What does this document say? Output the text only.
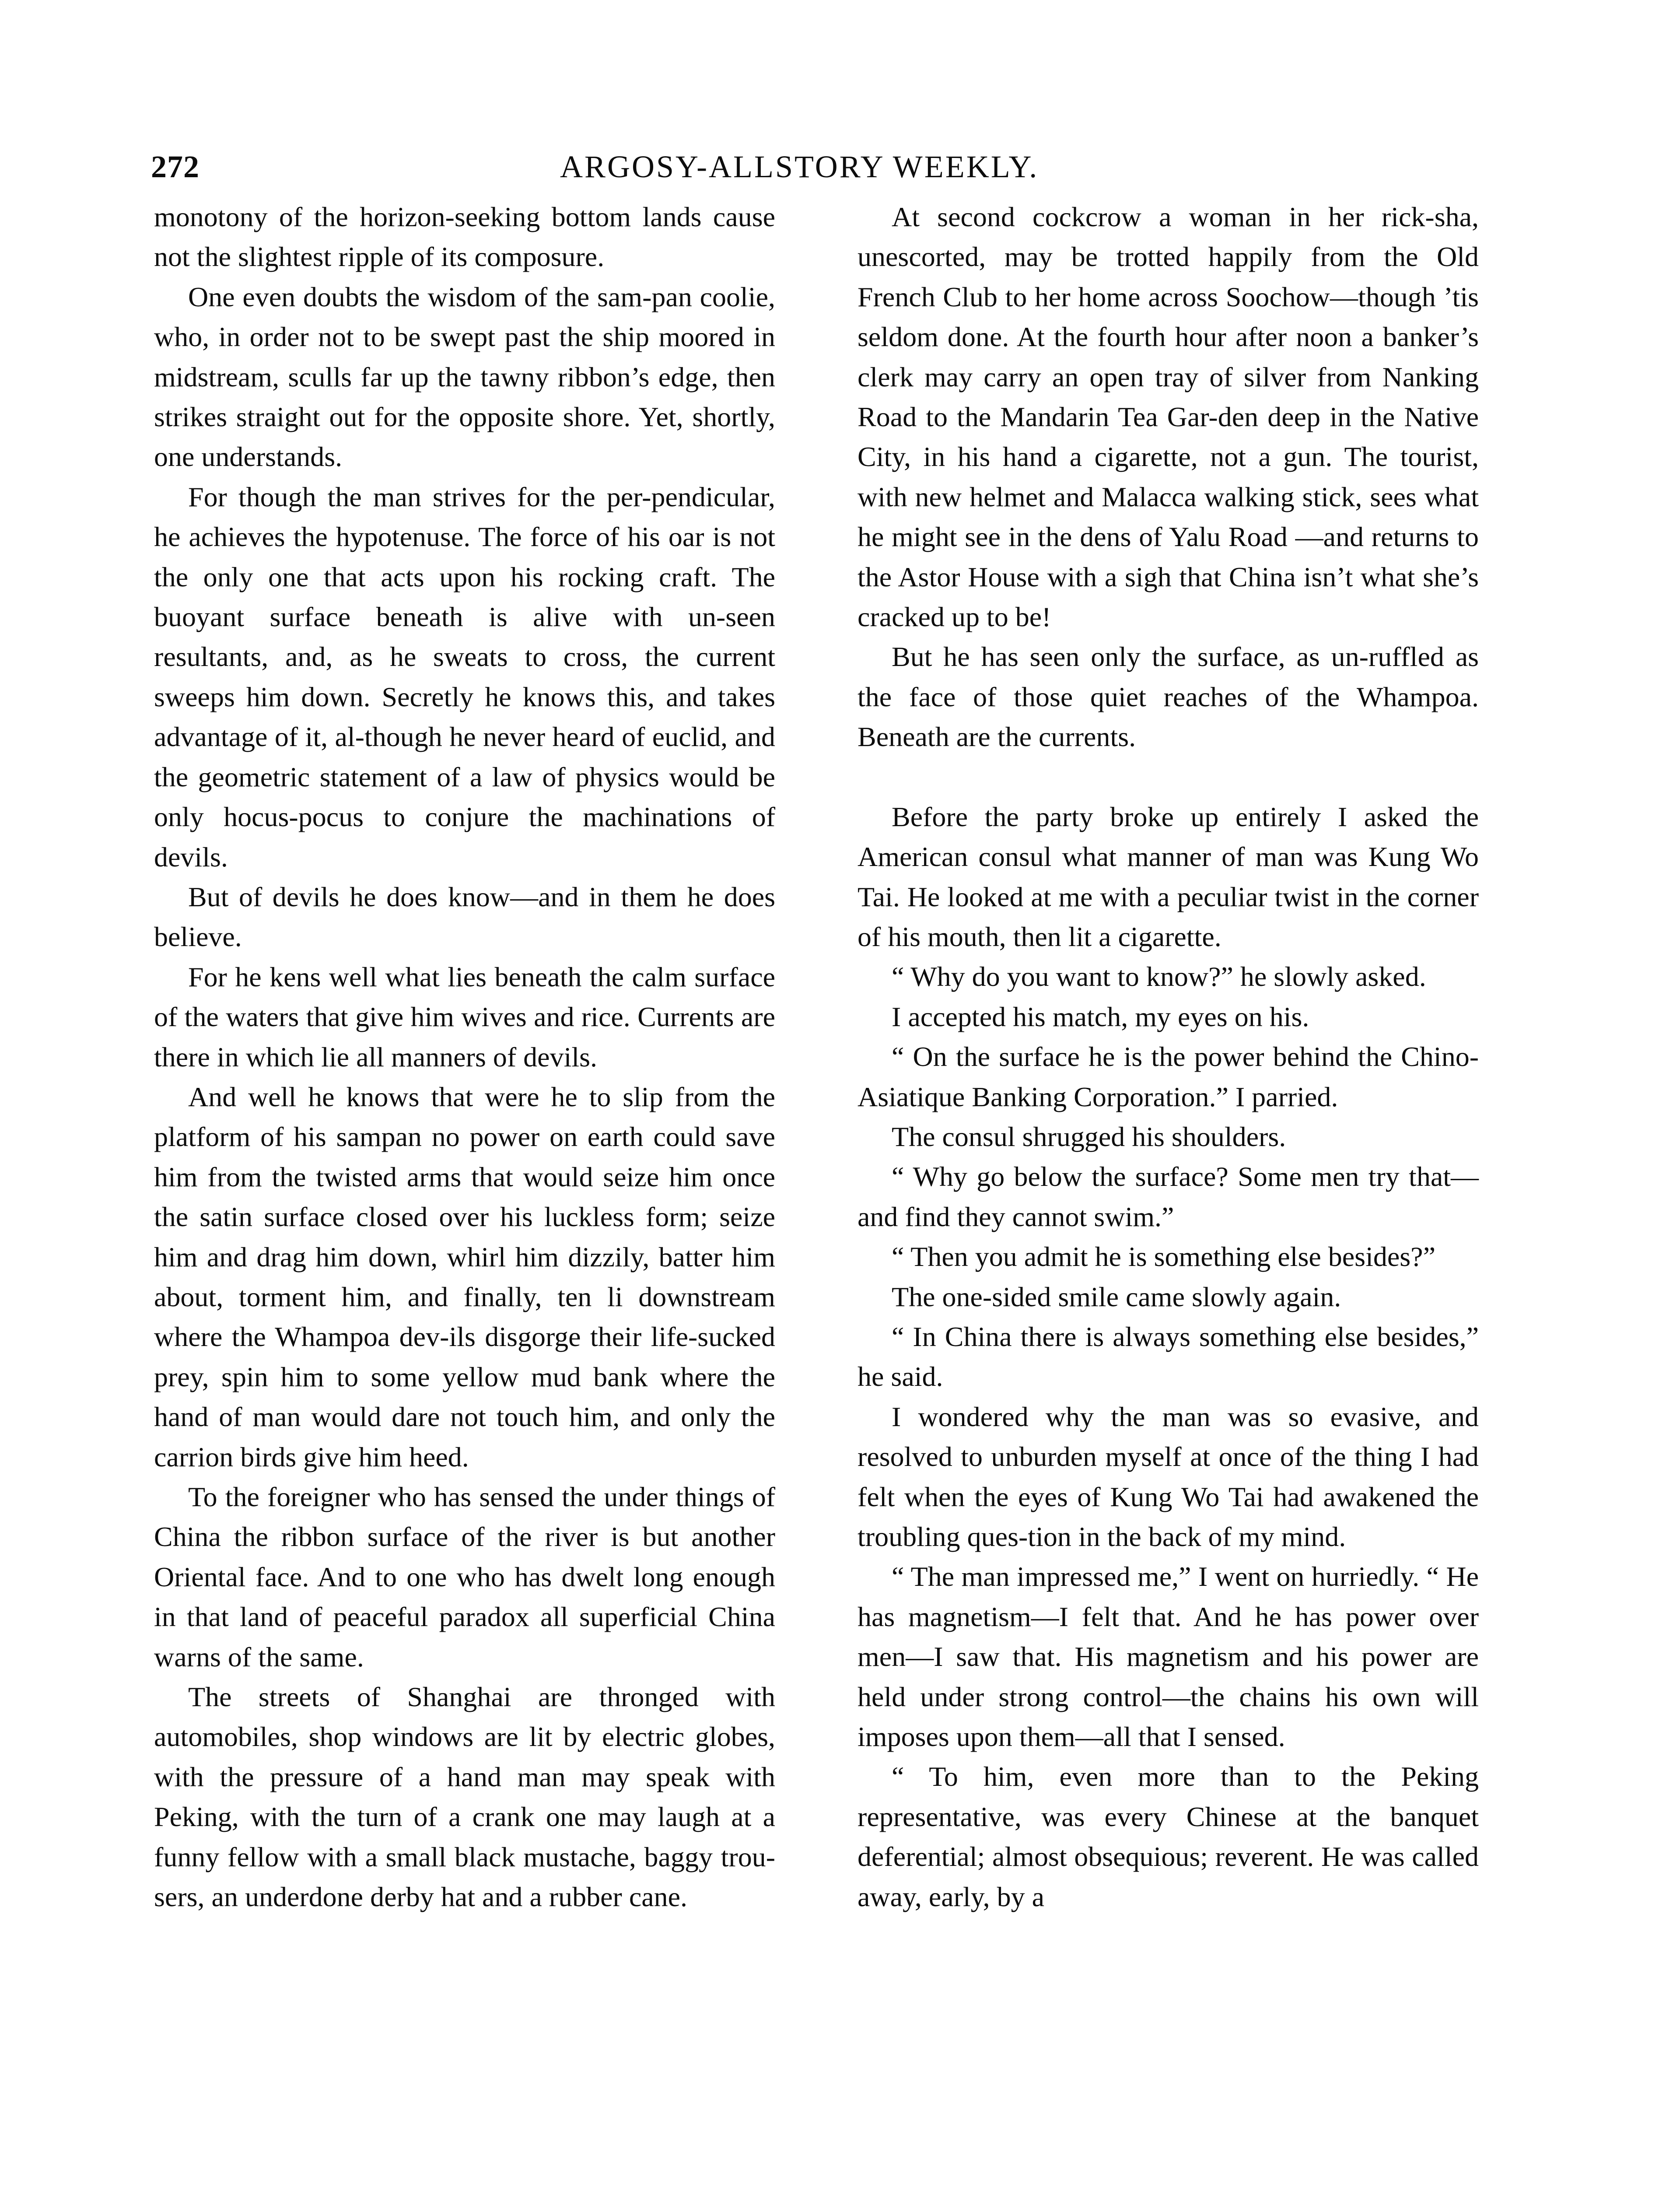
272	ARGOSY-ALLSTORY WEEKLY.

monotony of the horizon-seeking bottom lands cause not the slightest ripple of its composure.

One even doubts the wisdom of the sam-pan coolie, who, in order not to be swept past the ship moored in midstream, sculls far up the tawny ribbon’s edge, then strikes straight out for the opposite shore. Yet, shortly, one understands.

For though the man strives for the per-pendicular, he achieves the hypotenuse. The force of his oar is not the only one that acts upon his rocking craft. The buoyant surface beneath is alive with un-seen resultants, and, as he sweats to cross, the current sweeps him down. Secretly he knows this, and takes advantage of it, al-though he never heard of euclid, and the geometric statement of a law of physics would be only hocus-pocus to conjure the machinations of devils.

But of devils he does know—and in them he does believe.

For he kens well what lies beneath the calm surface of the waters that give him wives and rice. Currents are there in which lie all manners of devils.

And well he knows that were he to slip from the platform of his sampan no power on earth could save him from the twisted arms that would seize him once the satin surface closed over his luckless form; seize him and drag him down, whirl him dizzily, batter him about, torment him, and finally, ten li downstream where the Whampoa dev-ils disgorge their life-sucked prey, spin him to some yellow mud bank where the hand of man would dare not touch him, and only the carrion birds give him heed.

To the foreigner who has sensed the under things of China the ribbon surface of the river is but another Oriental face. And to one who has dwelt long enough in that land of peaceful paradox all superficial China warns of the same.

The streets of Shanghai are thronged with automobiles, shop windows are lit by electric globes, with the pressure of a hand man may speak with Peking, with the turn of a crank one may laugh at a funny fellow with a small black mustache, baggy trou-sers, an underdone derby hat and a rubber cane.

At second cockcrow a woman in her rick-sha, unescorted, may be trotted happily from the Old French Club to her home across Soochow—though ’tis seldom done. At the fourth hour after noon a banker’s clerk may carry an open tray of silver from Nanking Road to the Mandarin Tea Gar-den deep in the Native City, in his hand a cigarette, not a gun. The tourist, with new helmet and Malacca walking stick, sees what he might see in the dens of Yalu Road —and returns to the Astor House with a sigh that China isn’t what she’s cracked up to be!

But he has seen only the surface, as un-ruffled as the face of those quiet reaches of the Whampoa. Beneath are the currents.

Before the party broke up entirely I asked the American consul what manner of man was Kung Wo Tai. He looked at me with a peculiar twist in the corner of his mouth, then lit a cigarette.

“ Why do you want to know?” he slowly asked.

I accepted his match, my eyes on his.

“ On the surface he is the power behind the Chino-Asiatique Banking Corporation.” I parried.

The consul shrugged his shoulders.

“ Why go below the surface? Some men try that—and find they cannot swim.”

“ Then you admit he is something else besides?”

The one-sided smile came slowly again.

“ In China there is always something else besides,” he said.

I wondered why the man was so evasive, and resolved to unburden myself at once of the thing I had felt when the eyes of Kung Wo Tai had awakened the troubling ques-tion in the back of my mind.

“ The man impressed me,” I went on hurriedly. “ He has magnetism—I felt that. And he has power over men—I saw that. His magnetism and his power are held under strong control—the chains his own will imposes upon them—all that I sensed.

“ To him, even more than to the Peking representative, was every Chinese at the banquet deferential; almost obsequious; reverent. He was called away, early, by a
